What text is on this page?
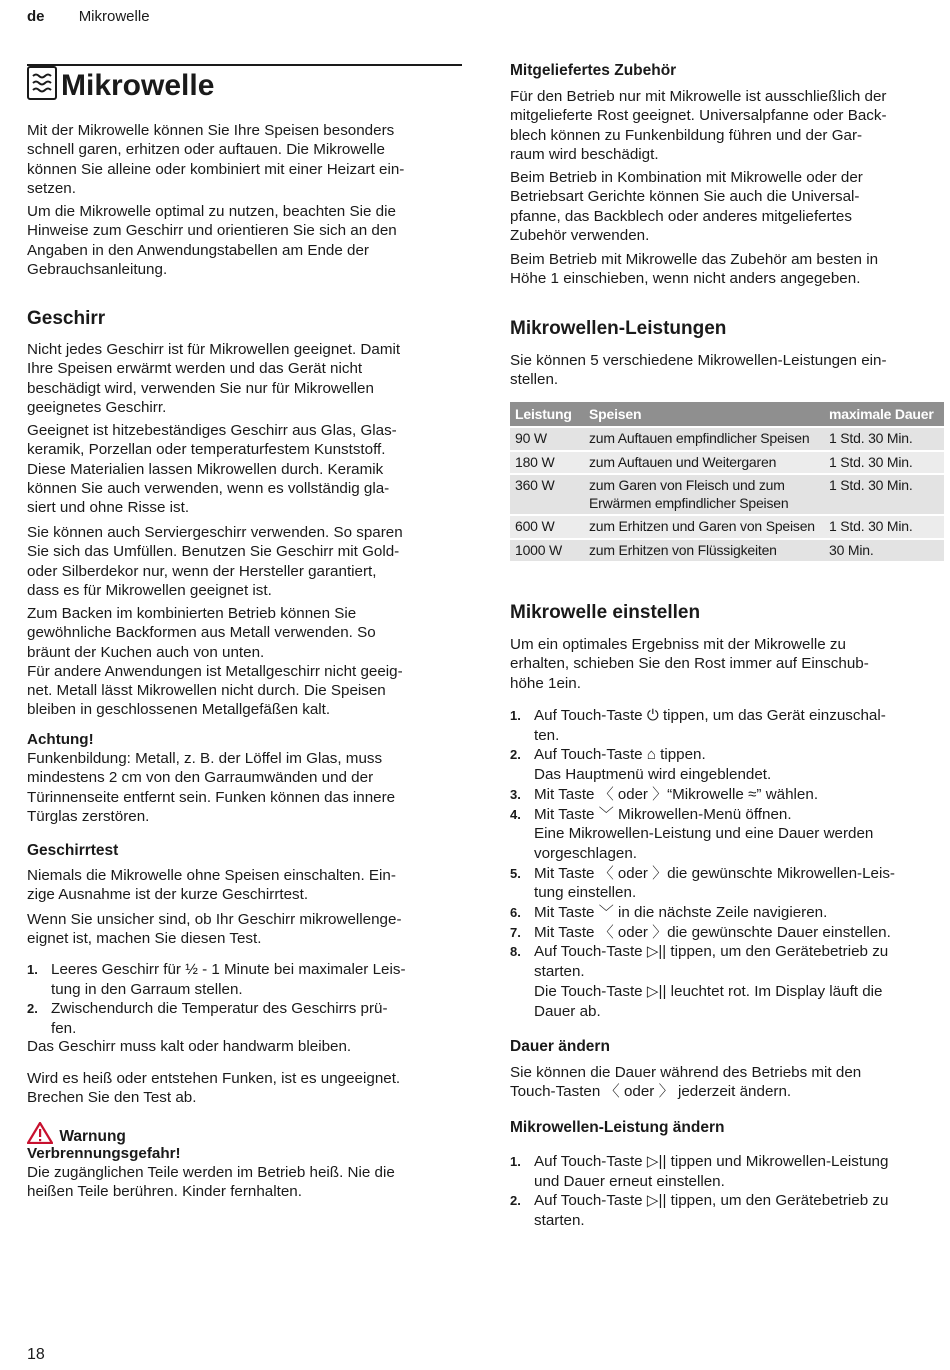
de Mikrowelle
Mikrowelle

Mit der Mikrowelle können Sie Ihre Speisen besonders
schnell garen, erhitzen oder auftauen. Die Mikrowelle
können Sie alleine oder kombiniert mit einer Heizart ein-
setzen.

Um die Mikrowelle optimal zu nutzen, beachten Sie die
Hinweise zum Geschirr und orientieren Sie sich an den
Angaben in den Anwendungstabellen am Ende der
Gebrauchsanleitung.

Geschirr

Nicht jedes Geschirr ist für Mikrowellen geeignet. Damit
Ihre Speisen erwärmt werden und das Gerät nicht
beschädigt wird, verwenden Sie nur für Mikrowellen
geeignetes Geschirr.

Geeignet ist hitzebeständiges Geschirr aus Glas, Glas-
keramik, Porzellan oder temperaturfestem Kunststoff.
Diese Materialien lassen Mikrowellen durch. Keramik
können Sie auch verwenden, wenn es vollständig gla-
siert und ohne Risse ist.

Sie können auch Serviergeschirr verwenden. So sparen
Sie sich das Umfüllen. Benutzen Sie Geschirr mit Gold-
oder Silberdekor nur, wenn der Hersteller garantiert,
dass es für Mikrowellen geeignet ist.

Zum Backen im kombinierten Betrieb können Sie
gewöhnliche Backformen aus Metall verwenden. So
bräunt der Kuchen auch von unten.
Für andere Anwendungen ist Metallgeschirr nicht geeig-
net. Metall lässt Mikrowellen nicht durch. Die Speisen
bleiben in geschlossenen Metallgefäßen kalt.

Achtung!

Funkenbildung: Metall, z. B. der Löffel im Glas, muss
mindestens 2 cm von den Garraumwänden und der
Türinnenseite entfernt sein. Funken können das innere
Türglas zerstören.

Geschirrtest

Niemals die Mikrowelle ohne Speisen einschalten. Ein-
zige Ausnahme ist der kurze Geschirrtest.

Wenn Sie unsicher sind, ob Ihr Geschirr mikrowellenge-
eignet ist, machen Sie diesen Test.

1. Leeres Geschirr für ½ - 1 Minute bei maximaler Leis-
tung in den Garraum stellen.
2. Zwischendurch die Temperatur des Geschirrs prü-
fen.

Das Geschirr muss kalt oder handwarm bleiben.

Wird es heiß oder entstehen Funken, ist es ungeeignet.
Brechen Sie den Test ab.

Warnung

Verbrennungsgefahr!

Die zugänglichen Teile werden im Betrieb heiß. Nie die
heißen Teile berühren. Kinder fernhalten.

Mitgeliefertes Zubehör

Für den Betrieb nur mit Mikrowelle ist ausschließlich der
mitgelieferte Rost geeignet. Universalpfanne oder Back-
blech können zu Funkenbildung führen und der Gar-
raum wird beschädigt.

Beim Betrieb in Kombination mit Mikrowelle oder der
Betriebsart Gerichte können Sie auch die Universal-
pfanne, das Backblech oder anderes mitgeliefertes
Zubehör verwenden.

Beim Betrieb mit Mikrowelle das Zubehör am besten in
Höhe 1 einschieben, wenn nicht anders angegeben.

Mikrowellen-Leistungen

Sie können 5 verschiedene Mikrowellen-Leistungen ein-
stellen.

Leistung	Speisen	maximale Dauer
90 W	zum Auftauen empfindlicher Speisen	1 Std. 30 Min.
180 W	zum Auftauen und Weitergaren	1 Std. 30 Min.
360 W	zum Garen von Fleisch und zum
Erwärmen empfindlicher Speisen	1 Std. 30 Min.
600 W	zum Erhitzen und Garen von Speisen	1 Std. 30 Min.
1000 W	zum Erhitzen von Flüssigkeiten	30 Min.
Mikrowelle einstellen

Um ein optimales Ergebniss mit der Mikrowelle zu
erhalten, schieben Sie den Rost immer auf Einschub-
höhe 1ein.

1. Auf Touch-Taste ⏻ tippen, um das Gerät einzuschal-
ten.
2. Auf Touch-Taste ⌂ tippen.
Das Hauptmenü wird eingeblendet.
3. Mit Taste 〈 oder 〉“Mikrowelle ≈” wählen.
4. Mit Taste ﹀ Mikrowellen-Menü öffnen.
Eine Mikrowellen-Leistung und eine Dauer werden
vorgeschlagen.
5. Mit Taste 〈 oder 〉die gewünschte Mikrowellen-Leis-
tung einstellen.
6. Mit Taste ﹀ in die nächste Zeile navigieren.
7. Mit Taste 〈 oder 〉die gewünschte Dauer einstellen.
8. Auf Touch-Taste ▷|| tippen, um den Gerätebetrieb zu
starten.
Die Touch-Taste ▷|| leuchtet rot. Im Display läuft die
Dauer ab.
Dauer ändern

Sie können die Dauer während des Betriebs mit den
Touch-Tasten 〈 oder 〉 jederzeit ändern.

Mikrowellen-Leistung ändern
1. Auf Touch-Taste ▷|| tippen und Mikrowellen-Leistung
und Dauer erneut einstellen.
2. Auf Touch-Taste ▷|| tippen, um den Gerätebetrieb zu
starten.
18
